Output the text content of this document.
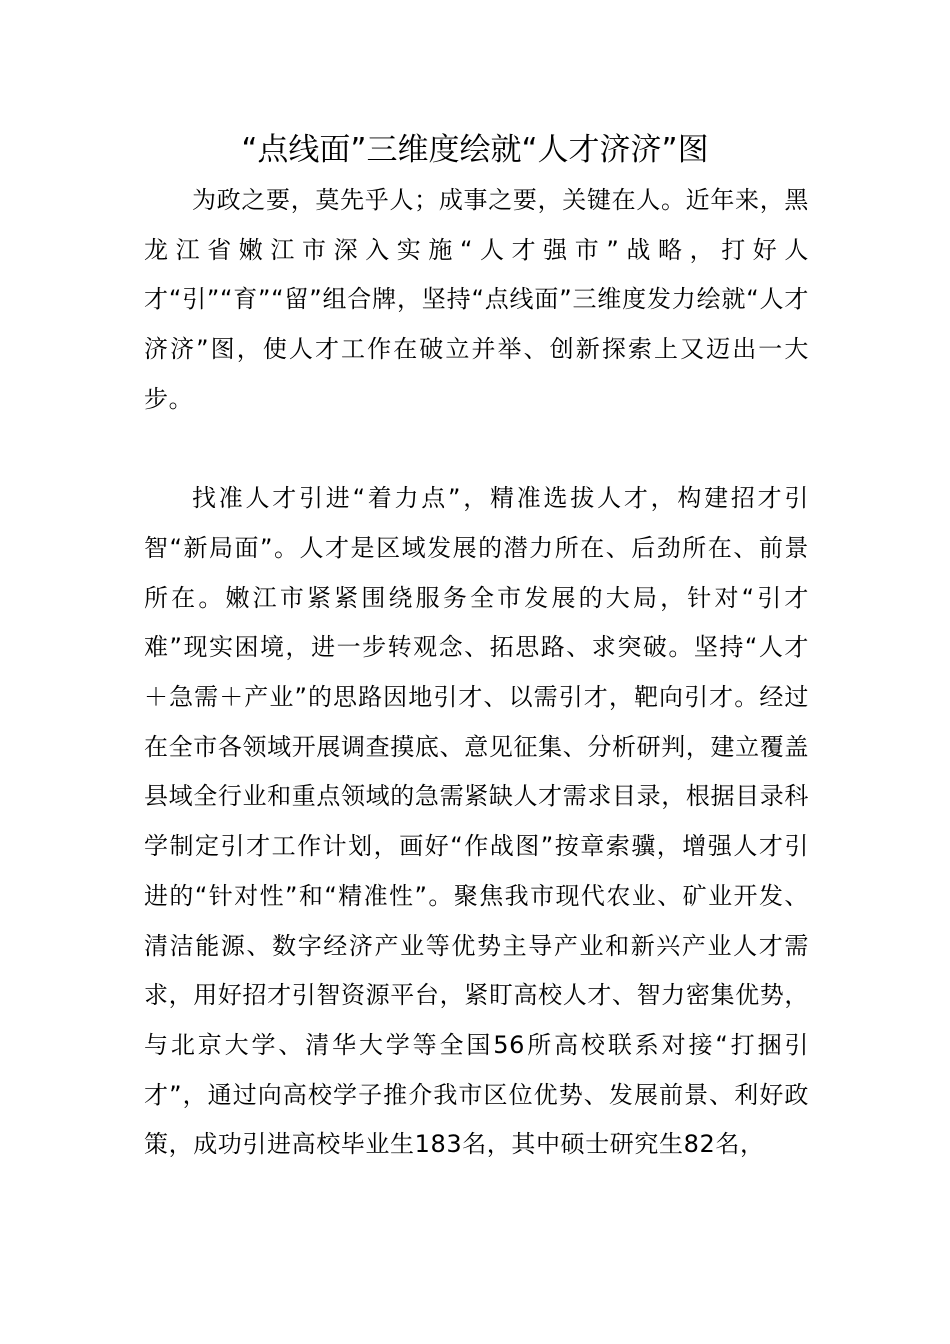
“点线面”三维度绘就“人才济济”图

为政之要，莫先乎人；成事之要，关键在人。近年来，黑龙江省嫩江市深入实施“人才强市”战略，打好人才“引”“育”“留”组合牌，坚持“点线面”三维度发力绘就“人才济济”图，使人才工作在破立并举、创新探索上又迈出一大步。

找准人才引进“着力点”，精准选拔人才，构建招才引智“新局面”。人才是区域发展的潜力所在、后劲所在、前景所在。嫩江市紧紧围绕服务全市发展的大局，针对“引才难”现实困境，进一步转观念、拓思路、求突破。坚持“人才＋急需＋产业”的思路因地引才、以需引才，靶向引才。经过在全市各领域开展调查摸底、意见征集、分析研判，建立覆盖县域全行业和重点领域的急需紧缺人才需求目录，根据目录科学制定引才工作计划，画好“作战图”按章索骥，增强人才引进的“针对性”和“精准性”。聚焦我市现代农业、矿业开发、清洁能源、数字经济产业等优势主导产业和新兴产业人才需求，用好招才引智资源平台，紧盯高校人才、智力密集优势，与北京大学、清华大学等全国56所高校联系对接“打捆引才”，通过向高校学子推介我市区位优势、发展前景、利好政策，成功引进高校毕业生183名，其中硕士研究生82名，
